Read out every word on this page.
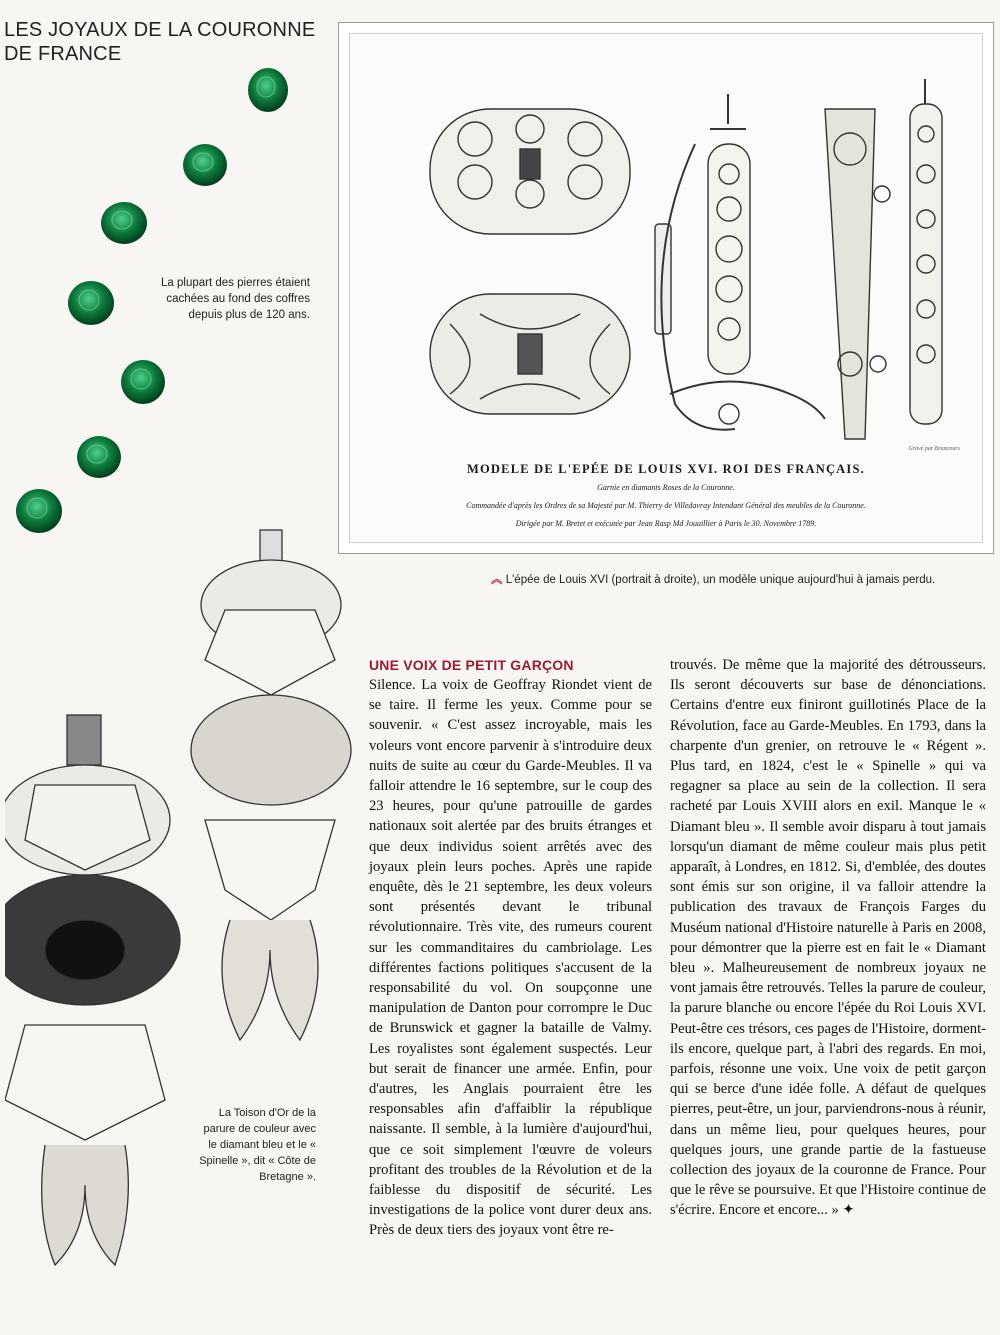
LES JOYAUX DE LA COURONNE DE FRANCE
La plupart des pierres étaient cachées au fond des coffres depuis plus de 120 ans.
Gravé par Brancours
MODELE DE L'EPÉE DE LOUIS XVI. ROI DES FRANÇAIS.
Garnie en diamants Roses de la Couronne.
Commandée d'après les Ordres de sa Majesté par M. Thierry de Villedavray Intendant Général des meubles de la Couronne.
Dirigée par M. Bretet et exécutée par Jean Rasp Md Jouaillier à Paris le 30. Novembre 1789.
︽ L'épée de Louis XVI (portrait à droite), un modèle unique aujourd'hui à jamais perdu.
La Toison d'Or de la parure de couleur avec le diamant bleu et le « Spinelle », dit « Côte de Bretagne ».
UNE VOIX DE PETIT GARÇON

Silence. La voix de Geoffray Riondet vient de se taire. Il ferme les yeux. Comme pour se souvenir. « C'est assez incroyable, mais les voleurs vont encore parvenir à s'introduire deux nuits de suite au cœur du Garde-Meubles. Il va falloir attendre le 16 septembre, sur le coup des 23 heures, pour qu'une patrouille de gardes nationaux soit alertée par des bruits étranges et que deux individus soient arrêtés avec des joyaux plein leurs poches. Après une rapide enquête, dès le 21 septembre, les deux voleurs sont présentés devant le tribunal révolutionnaire. Très vite, des rumeurs courent sur les commanditaires du cambriolage. Les différentes factions politiques s'accusent de la responsabilité du vol. On soupçonne une manipulation de Danton pour corrompre le Duc de Brunswick et gagner la bataille de Valmy. Les royalistes sont également suspectés. Leur but serait de financer une armée. Enfin, pour d'autres, les Anglais pourraient être les responsables afin d'affaiblir la république naissante. Il semble, à la lumière d'aujourd'hui, que ce soit simplement l'œuvre de voleurs profitant des troubles de la Révolution et de la faiblesse du dispositif de sécurité. Les investigations de la police vont durer deux ans. Près de deux tiers des joyaux vont être re-

trouvés. De même que la majorité des détrousseurs. Ils seront découverts sur base de dénonciations. Certains d'entre eux finiront guillotinés Place de la Révolution, face au Garde-Meubles. En 1793, dans la charpente d'un grenier, on retrouve le « Régent ». Plus tard, en 1824, c'est le « Spinelle » qui va regagner sa place au sein de la collection. Il sera racheté par Louis XVIII alors en exil. Manque le « Diamant bleu ». Il semble avoir disparu à tout jamais lorsqu'un diamant de même couleur mais plus petit apparaît, à Londres, en 1812. Si, d'emblée, des doutes sont émis sur son origine, il va falloir attendre la publication des travaux de François Farges du Muséum national d'Histoire naturelle à Paris en 2008, pour démontrer que la pierre est en fait le « Diamant bleu ». Malheureusement de nombreux joyaux ne vont jamais être retrouvés. Telles la parure de couleur, la parure blanche ou encore l'épée du Roi Louis XVI. Peut-être ces trésors, ces pages de l'Histoire, dorment-ils encore, quelque part, à l'abri des regards. En moi, parfois, résonne une voix. Une voix de petit garçon qui se berce d'une idée folle. A défaut de quelques pierres, peut-être, un jour, parviendrons-nous à réunir, dans un même lieu, pour quelques heures, pour quelques jours, une grande partie de la fastueuse collection des joyaux de la couronne de France. Pour que le rêve se poursuive. Et que l'Histoire continue de s'écrire. Encore et encore... » ✦
